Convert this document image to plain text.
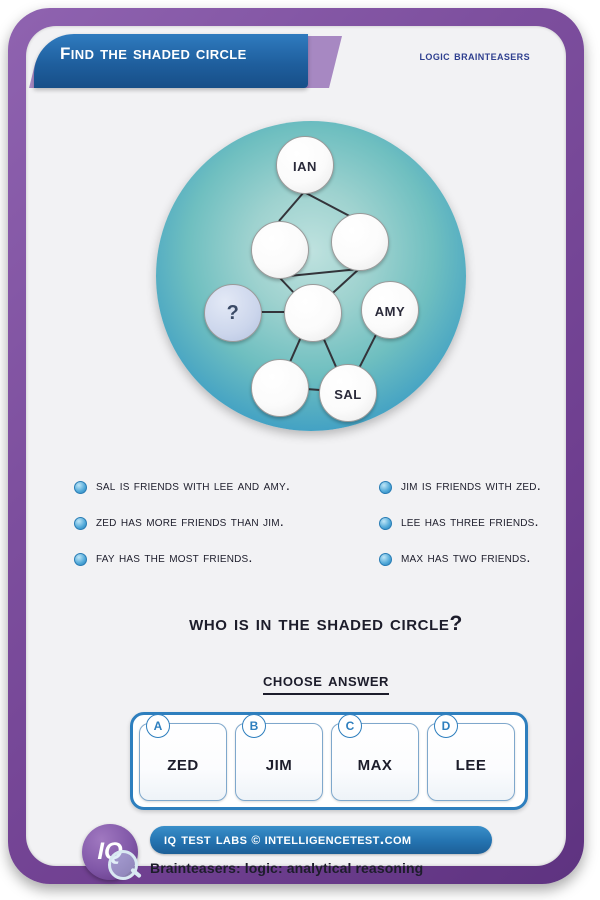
find the shaded circle	logic brainteasers
ian
?	amy
sal
sal is friends with lee and amy.
zed has more friends than jim.
fay has the most friends.
jim is friends with zed.
lee has three friends.
max has two friends.
who is in the shaded circle?
choose answer
A
zed
B
jim
C
max
D
lee
IQ	iq test labs © intelligencetest.com
Brainteasers: logic: analytical reasoning
